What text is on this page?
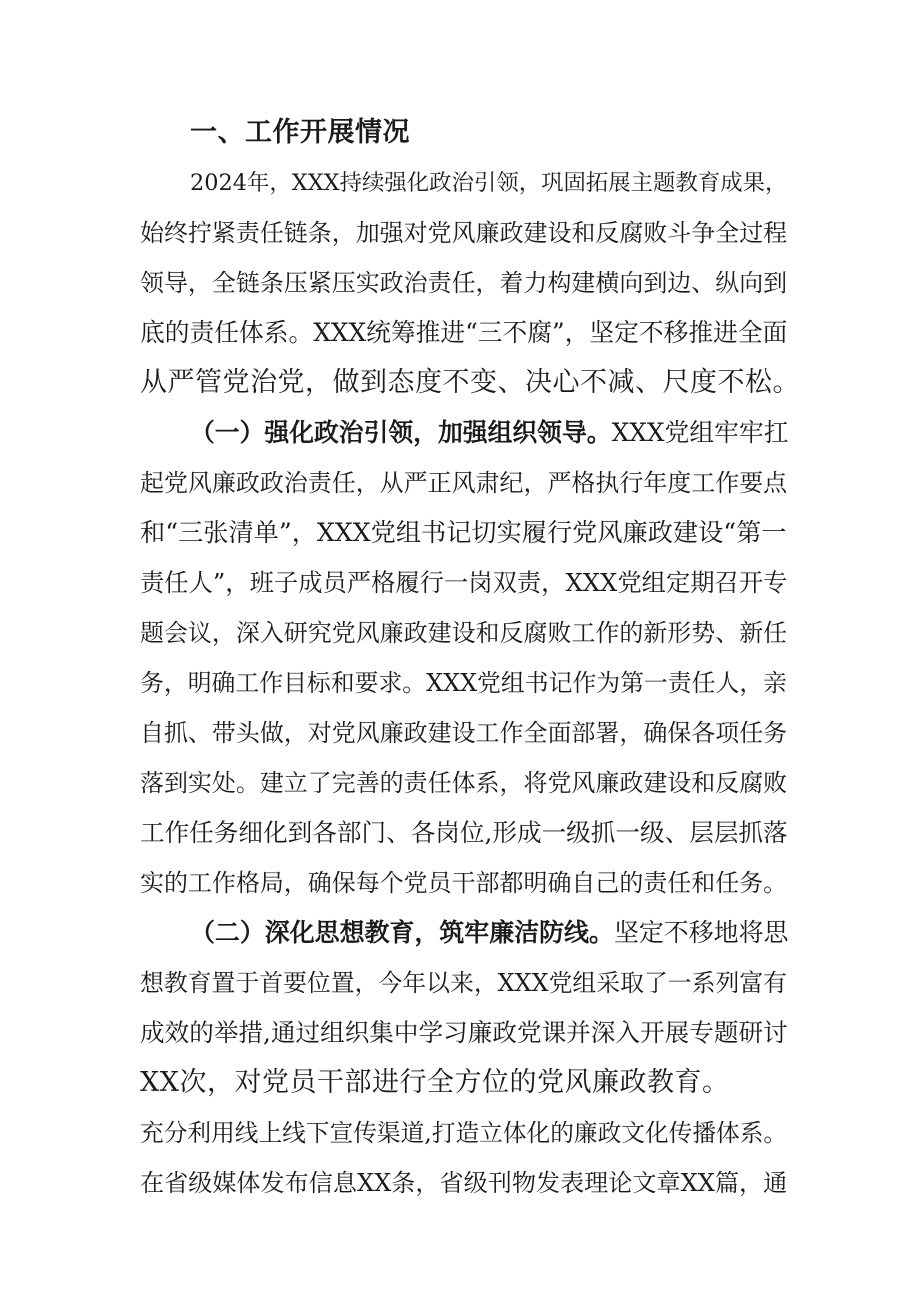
一、工作开展情况
2024年，XXX持续强化政治引领，巩固拓展主题教育成果，
始终拧紧责任链条，加强对党风廉政建设和反腐败斗争全过程
领导，全链条压紧压实政治责任，着力构建横向到边、纵向到
底的责任体系。XXX统筹推进“三不腐”，坚定不移推进全面
从严管党治党，做到态度不变、决心不减、尺度不松。
（一）强化政治引领，加强组织领导。XXX党组牢牢扛
起党风廉政政治责任，从严正风肃纪，严格执行年度工作要点
和“三张清单”，XXX党组书记切实履行党风廉政建设“第一
责任人”，班子成员严格履行一岗双责，XXX党组定期召开专
题会议，深入研究党风廉政建设和反腐败工作的新形势、新任
务，明确工作目标和要求。XXX党组书记作为第一责任人，亲
自抓、带头做，对党风廉政建设工作全面部署，确保各项任务
落到实处。建立了完善的责任体系，将党风廉政建设和反腐败
工作任务细化到各部门、各岗位,形成一级抓一级、层层抓落
实的工作格局，确保每个党员干部都明确自己的责任和任务。
（二）深化思想教育，筑牢廉洁防线。坚定不移地将思
想教育置于首要位置，今年以来，XXX党组采取了一系列富有
成效的举措,通过组织集中学习廉政党课并深入开展专题研讨
XX次，对党员干部进行全方位的党风廉政教育。
充分利用线上线下宣传渠道,打造立体化的廉政文化传播体系。
在省级媒体发布信息XX条，省级刊物发表理论文章XX篇，通
